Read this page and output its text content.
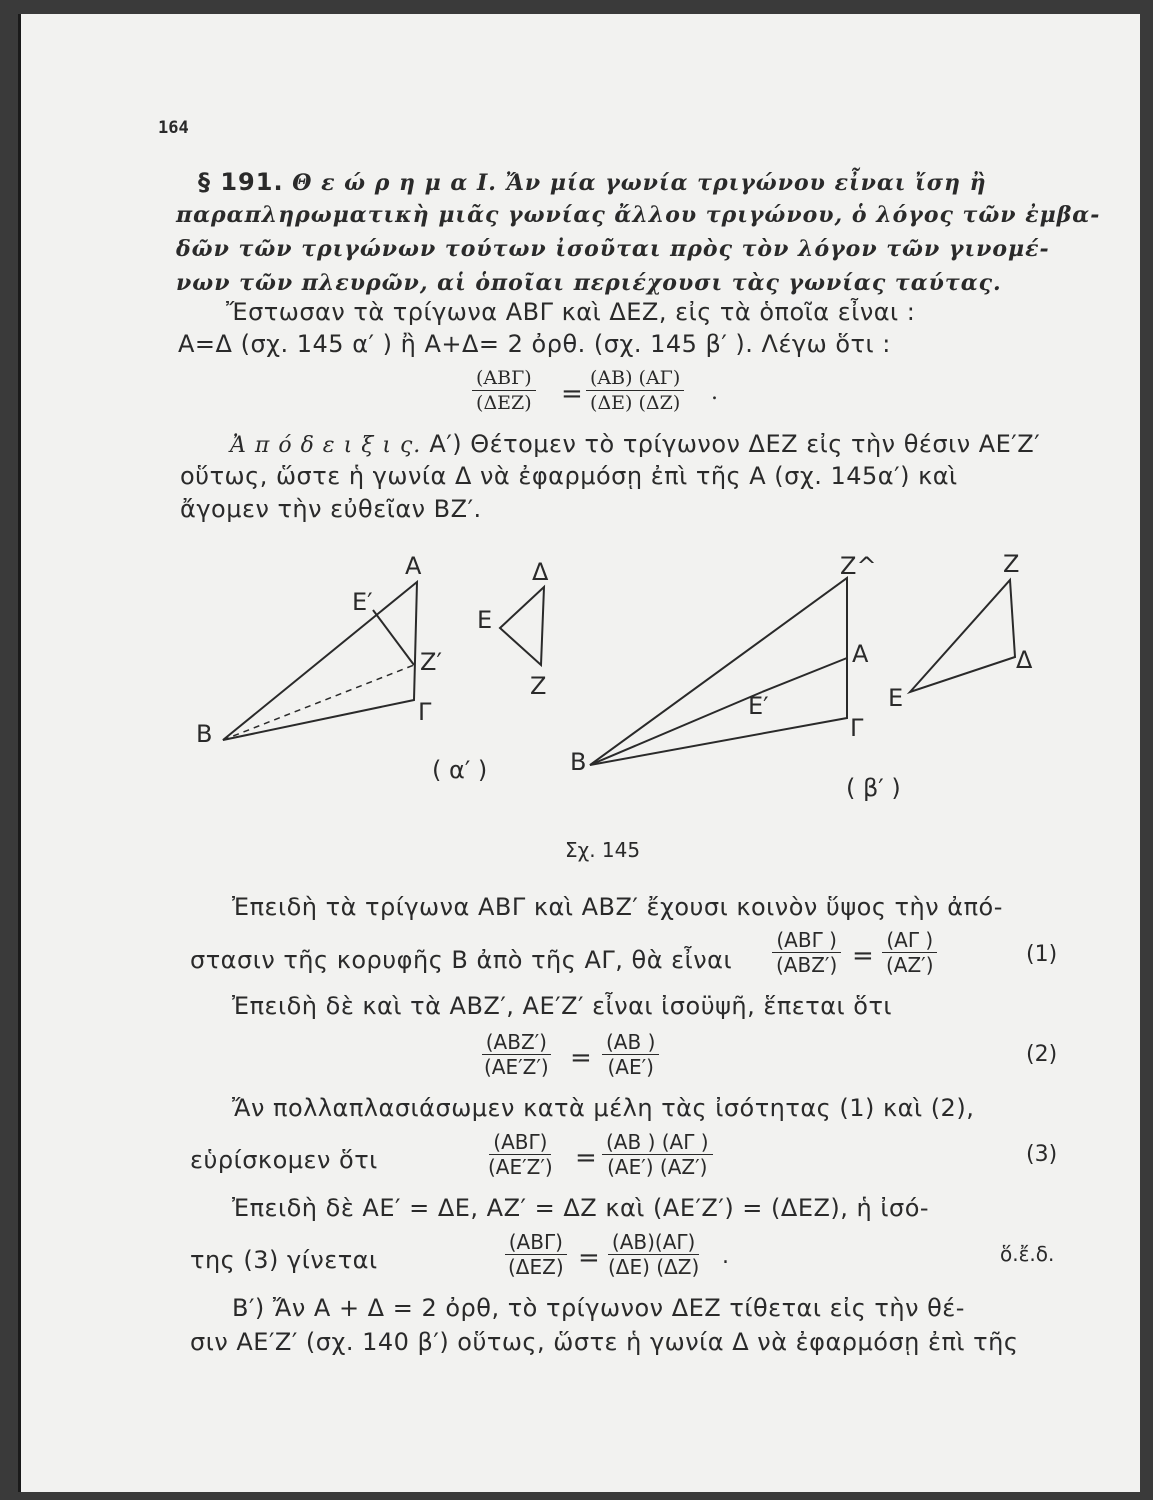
164
§ 191. Θ ε ώ ρ η μ α Ι. Ἄν μία γωνία τριγώνου εἶναι ἴση ἢ
παραπληρωματικὴ μιᾶς γωνίας ἄλλου τριγώνου, ὁ λόγος τῶν ἐμβα-
δῶν τῶν τριγώνων τούτων ἰσοῦται πρὸς τὸν λόγον τῶν γινομέ-
νων τῶν πλευρῶν, αἱ ὁποῖαι περιέχουσι τὰς γωνίας ταύτας.
Ἔστωσαν τὰ τρίγωνα ΑΒΓ καὶ ΔΕΖ, εἰς τὰ ὁποῖα εἶναι :
Α=Δ (σχ. 145 α′ ) ἢ Α+Δ= 2 ὀρθ. (σχ. 145 β′ ). Λέγω ὅτι :
(ΑΒΓ)
$(\Delta EZ) = \frac{(AB) (A\Gamma)}{(\Delta E) (\Delta Z)}$ .
Ἀ π ό δ ε ι ξ ι ς. Α′) Θέτομεν τὸ τρίγωνον ΔΕΖ εἰς τὴν θέσιν ΑΕ′Ζ′
οὕτως, ὥστε ἡ γωνία Δ νὰ ἐφαρμόσῃ ἐπὶ τῆς Α (σχ. 145α′) καὶ
ἄγομεν τὴν εὐθεῖαν ΒΖ′.
A
E′
Z′
B
Γ
Δ
E
Z
( α′ )
Z^
A
E′
B
Γ
Z
E
Δ
( β′ )
Σχ. 145
Ἐπειδὴ τὰ τρίγωνα ΑΒΓ καὶ ΑΒΖ′ ἔχουσι κοινὸν ὕψος τὴν ἀπό-
στασιν τῆς κορυφῆς Β ἀπὸ τῆς ΑΓ, θὰ εἶναι
(ΑΒΓ )
$(ABZ') = \frac{(A\Gamma )}{(AZ')}$	(1)
Ἐπειδὴ δὲ καὶ τὰ ΑΒΖ′, ΑΕ′Ζ′ εἶναι ἰσοϋψῆ, ἕπεται ὅτι
(ΑΒΖ′)
$(AE'Z') = \frac{(AB )}{(AE')}$	(2)
Ἄν πολλαπλασιάσωμεν κατὰ μέλη τὰς ἰσότητας (1) καὶ (2),
εὑρίσκομεν ὅτι
(ΑΒΓ)
$(AE'Z') = \frac{(AB ) (A\Gamma )}{(AE') (AZ')}$	(3)
Ἐπειδὴ δὲ ΑΕ′ = ΔΕ, ΑΖ′ = ΔΖ καὶ (ΑΕ′Ζ′) = (ΔΕΖ), ἡ ἰσό-
της (3) γίνεται
(ΑΒΓ)
$(\Delta EZ) = \frac{(AB)(A\Gamma)}{(\Delta E) (\Delta Z)}$ .	ὅ.ἔ.δ.
Β′) Ἄν Α + Δ = 2 ὀρθ, τὸ τρίγωνον ΔΕΖ τίθεται εἰς τὴν θέ-
σιν ΑΕ′Ζ′ (σχ. 140 β′) οὕτως, ὥστε ἡ γωνία Δ νὰ ἐφαρμόσῃ ἐπὶ τῆς
